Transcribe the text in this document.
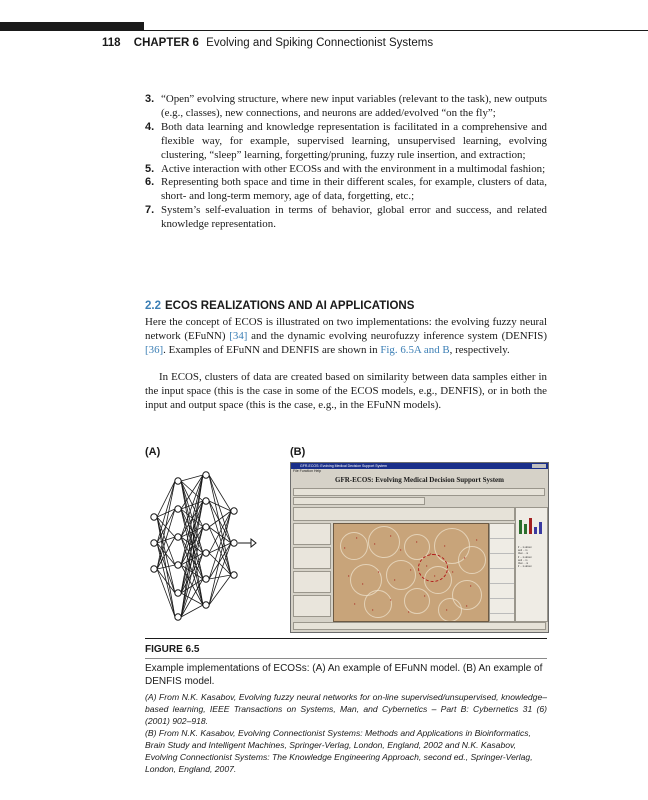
118 CHAPTER 6 Evolving and Spiking Connectionist Systems
3. “Open” evolving structure, where new input variables (relevant to the task), new outputs (e.g., classes), new connections, and neurons are added/evolved “on the fly”;
4. Both data learning and knowledge representation is facilitated in a comprehensive and flexible way, for example, supervised learning, unsupervised learning, evolving clustering, “sleep” learning, forgetting/pruning, fuzzy rule insertion, and extraction;
5. Active interaction with other ECOSs and with the environment in a multimodal fashion;
6. Representing both space and time in their different scales, for example, clusters of data, short- and long-term memory, age of data, forgetting, etc.;
7. System’s self-evaluation in terms of behavior, global error and success, and related knowledge representation.
2.2 ECOS REALIZATIONS AND AI APPLICATIONS
Here the concept of ECOS is illustrated on two implementations: the evolving fuzzy neural network (EFuNN) [34] and the dynamic evolving neurofuzzy inference system (DENFIS) [36]. Examples of EFuNN and DENFIS are shown in Fig. 6.5A and B, respectively.
In ECOS, clusters of data are created based on similarity between data samples either in the input space (this is the case in some of the ECOS models, e.g., DENFIS), or in both the input and output space (this is the case, e.g., in the EFuNN models).
(A)	(B)
GFR-ECOS: Evolving Medical Decision Support System
File Function Help
GFR-ECOS: Evolving Medical Decision Support System
•
•
•
•
•
•
•
•
•
•
•
•
•
•
•
•
•
•
•
•
•
•
•
•
•
•
if ... is about
and ... is
then ... is
if ... is about
and ... is
then ... is
if ... is about
FIGURE 6.5
Example implementations of ECOSs: (A) An example of EFuNN model. (B) An example of DENFIS model.
(A) From N.K. Kasabov, Evolving fuzzy neural networks for on-line supervised/unsupervised, knowledge–based learning, IEEE Transactions on Systems, Man, and Cybernetics – Part B: Cybernetics 31 (6) (2001) 902–918.
(B) From N.K. Kasabov, Evolving Connectionist Systems: Methods and Applications in Bioinformatics, Brain Study and Intelligent Machines, Springer-Verlag, London, England, 2002 and N.K. Kasabov, Evolving Connectionist Systems: The Knowledge Engineering Approach, second ed., Springer-Verlag, London, England, 2007.
